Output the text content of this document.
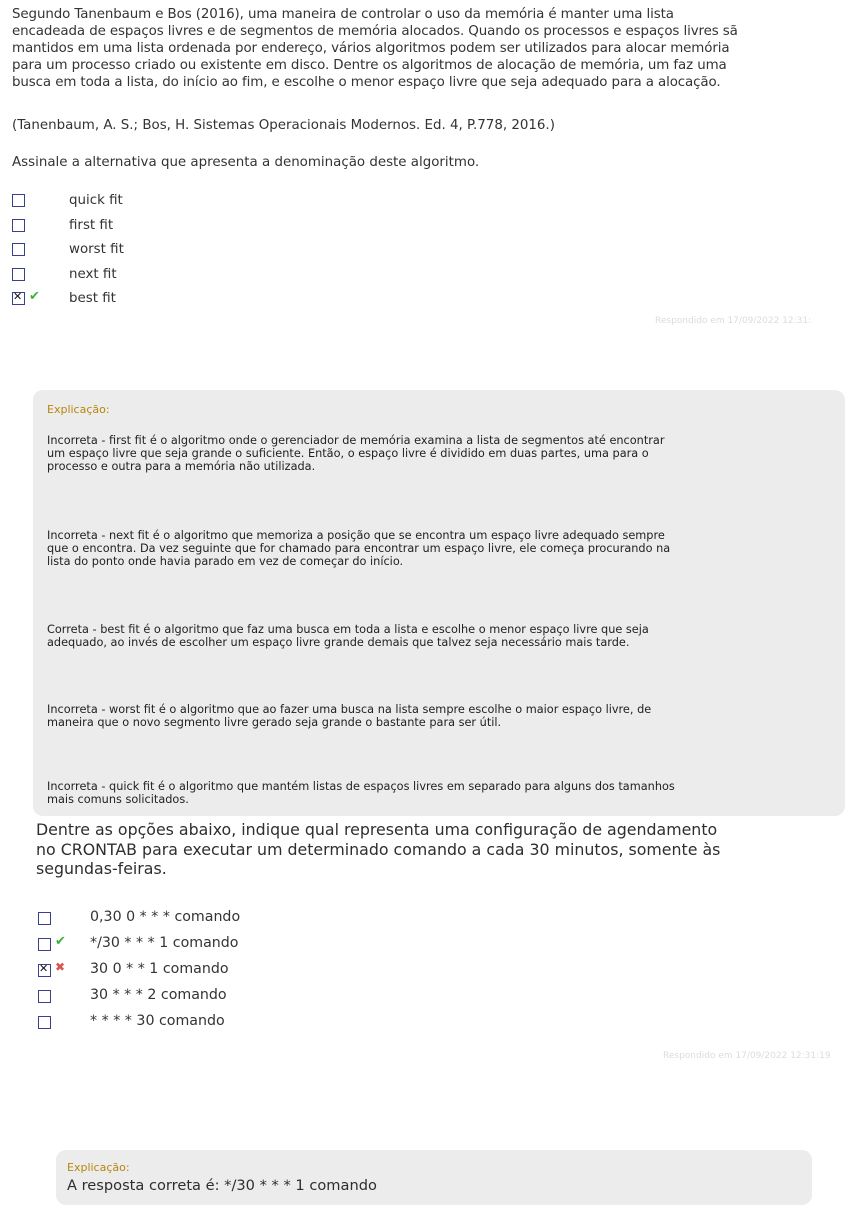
Segundo Tanenbaum e Bos (2016), uma maneira de controlar o uso da memória é manter uma lista
encadeada de espaços livres e de segmentos de memória alocados. Quando os processos e espaços livres sã
mantidos em uma lista ordenada por endereço, vários algoritmos podem ser utilizados para alocar memória
para um processo criado ou existente em disco. Dentre os algoritmos de alocação de memória, um faz uma
busca em toda a lista, do início ao fim, e escolhe o menor espaço livre que seja adequado para a alocação.

(Tanenbaum, A. S.; Bos, H. Sistemas Operacionais Modernos. Ed. 4, P.778, 2016.)

Assinale a alternativa que apresenta a denominação deste algoritmo.

quick fit
first fit
worst fit
next fit
✕
✔ best fit
Respondido em 17/09/2022 12:31:
Explicação:

Incorreta - first fit é o algoritmo onde o gerenciador de memória examina a lista de segmentos até encontrar
um espaço livre que seja grande o suficiente. Então, o espaço livre é dividido em duas partes, uma para o
processo e outra para a memória não utilizada.

Incorreta - next fit é o algoritmo que memoriza a posição que se encontra um espaço livre adequado sempre
que o encontra. Da vez seguinte que for chamado para encontrar um espaço livre, ele começa procurando na
lista do ponto onde havia parado em vez de começar do início.

Correta - best fit é o algoritmo que faz uma busca em toda a lista e escolhe o menor espaço livre que seja
adequado, ao invés de escolher um espaço livre grande demais que talvez seja necessário mais tarde.

Incorreta - worst fit é o algoritmo que ao fazer uma busca na lista sempre escolhe o maior espaço livre, de
maneira que o novo segmento livre gerado seja grande o bastante para ser útil.

Incorreta - quick fit é o algoritmo que mantém listas de espaços livres em separado para alguns dos tamanhos
mais comuns solicitados.

Dentre as opções abaixo, indique qual representa uma configuração de agendamento
no CRONTAB para executar um determinado comando a cada 30 minutos, somente às
segundas-feiras.

0,30 0 * * * comando
✔ */30 * * * 1 comando
✕
✖ 30 0 * * 1 comando
30 * * * 2 comando
* * * * 30 comando
Respondido em 17/09/2022 12:31:19
Explicação:
A resposta correta é: */30 * * * 1 comando
